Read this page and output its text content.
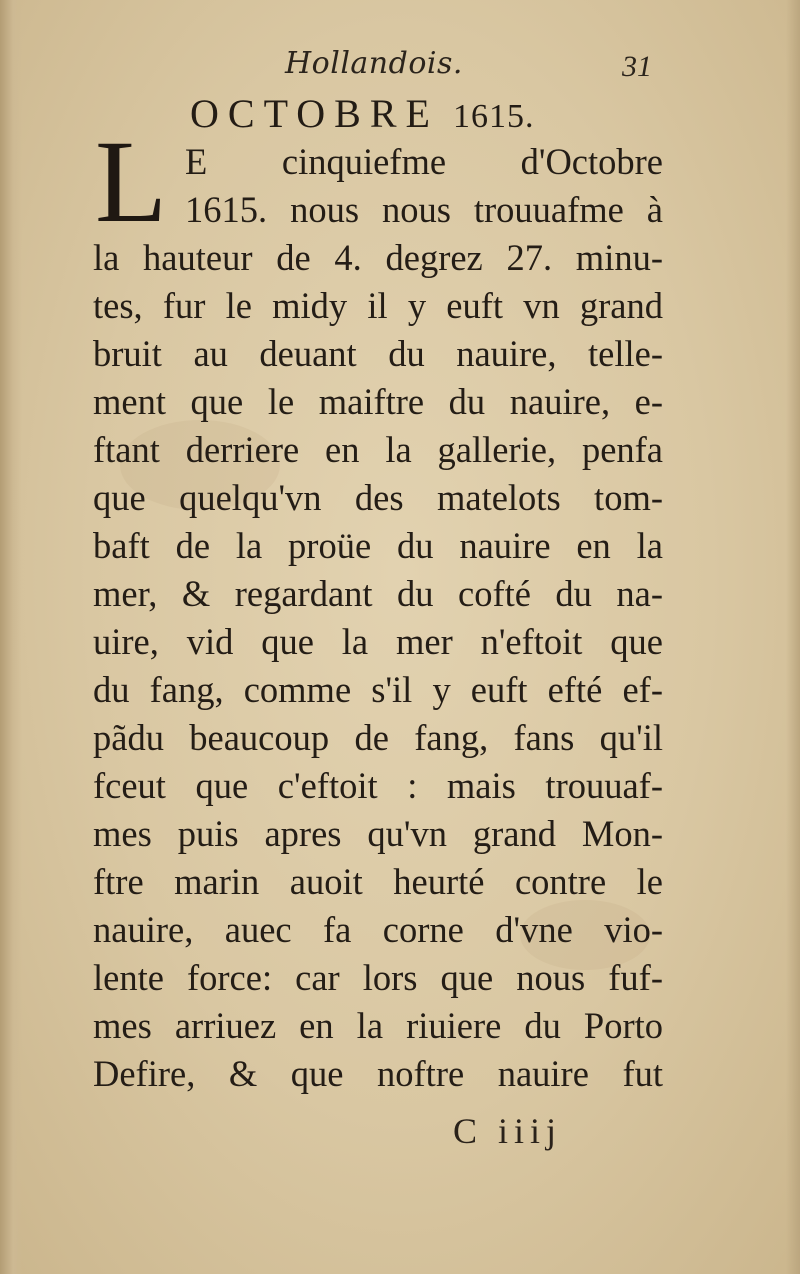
Hollandois.	31
OCTOBRE 1615.
L E cinquiefme d'Octobre
1615. nous nous trouuafme à
la hauteur de 4. degrez 27. minu-
tes, fur le midy il y euft vn grand
bruit au deuant du nauire, telle-
ment que le maiftre du nauire, e-
ftant derriere en la gallerie, penfa
que quelqu'vn des matelots tom-
baft de la proüe du nauire en la
mer, & regardant du cofté du na-
uire, vid que la mer n'eftoit que
du fang, comme s'il y euft efté ef-
pãdu beaucoup de fang, fans qu'il
fceut que c'eftoit : mais trouuaf-
mes puis apres qu'vn grand Mon-
ftre marin auoit heurté contre le
nauire, auec fa corne d'vne vio-
lente force: car lors que nous fuf-
mes arriuez en la riuiere du Porto
Defire, & que noftre nauire fut
C iiij
